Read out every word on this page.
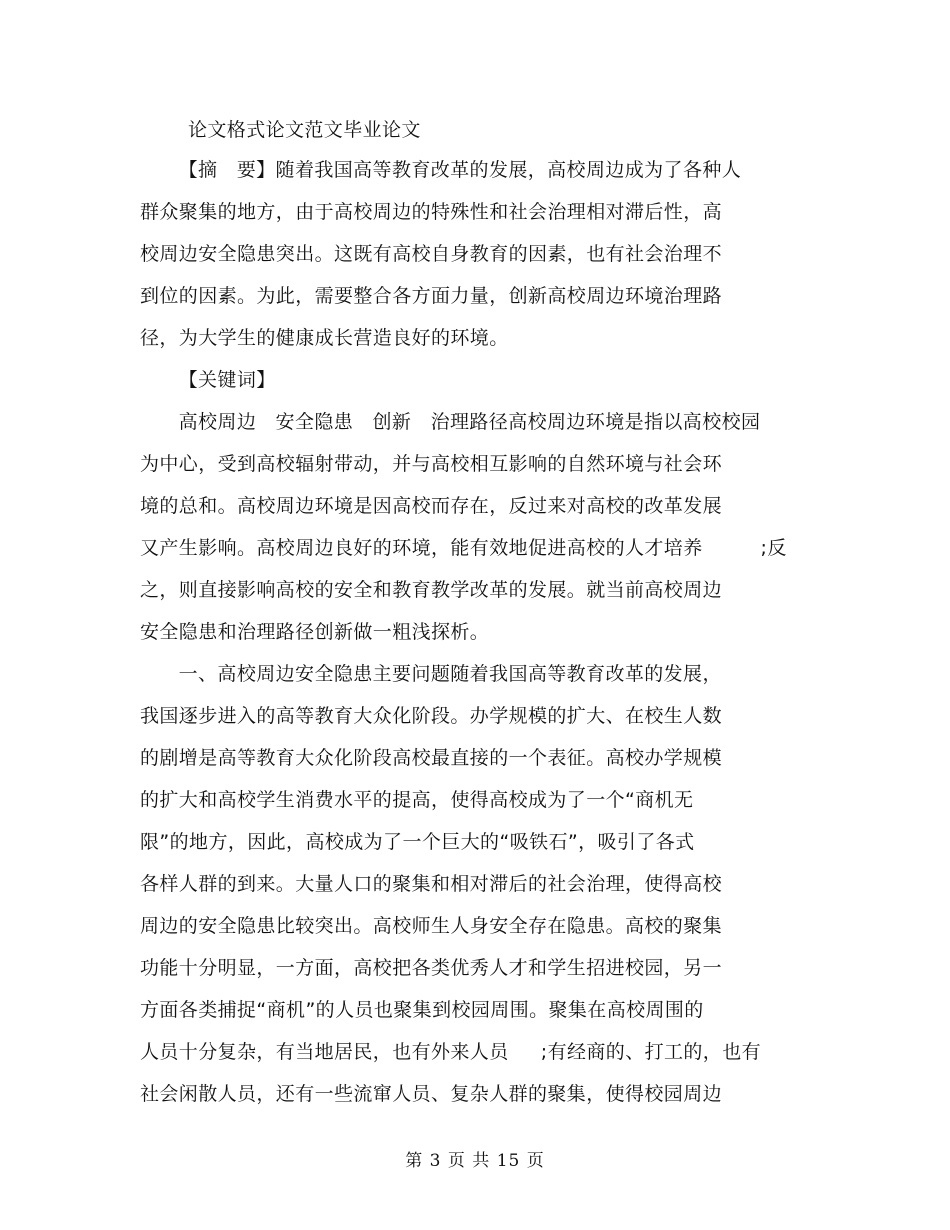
论文格式论文范文毕业论文
【摘   要】随着我国高等教育改革的发展，高校周边成为了各种人
群众聚集的地方，由于高校周边的特殊性和社会治理相对滞后性，高
校周边安全隐患突出。这既有高校自身教育的因素，也有社会治理不
到位的因素。为此，需要整合各方面力量，创新高校周边环境治理路
径，为大学生的健康成长营造良好的环境。
【关键词】
高校周边   安全隐患   创新   治理路径高校周边环境是指以高校校园
为中心，受到高校辐射带动，并与高校相互影响的自然环境与社会环
境的总和。高校周边环境是因高校而存在，反过来对高校的改革发展
又产生影响。高校周边良好的环境，能有效地促进高校的人才培养         ;反
之，则直接影响高校的安全和教育教学改革的发展。就当前高校周边
安全隐患和治理路径创新做一粗浅探析。
一、高校周边安全隐患主要问题随着我国高等教育改革的发展，
我国逐步进入的高等教育大众化阶段。办学规模的扩大、在校生人数
的剧增是高等教育大众化阶段高校最直接的一个表征。高校办学规模
的扩大和高校学生消费水平的提高，使得高校成为了一个“商机无
限”的地方，因此，高校成为了一个巨大的“吸铁石”，吸引了各式
各样人群的到来。大量人口的聚集和相对滞后的社会治理，使得高校
周边的安全隐患比较突出。高校师生人身安全存在隐患。高校的聚集
功能十分明显，一方面，高校把各类优秀人才和学生招进校园，另一
方面各类捕捉“商机”的人员也聚集到校园周围。聚集在高校周围的
人员十分复杂，有当地居民，也有外来人员     ;有经商的、打工的，也有
社会闲散人员，还有一些流窜人员、复杂人群的聚集，使得校园周边
第 3 页 共 15 页
